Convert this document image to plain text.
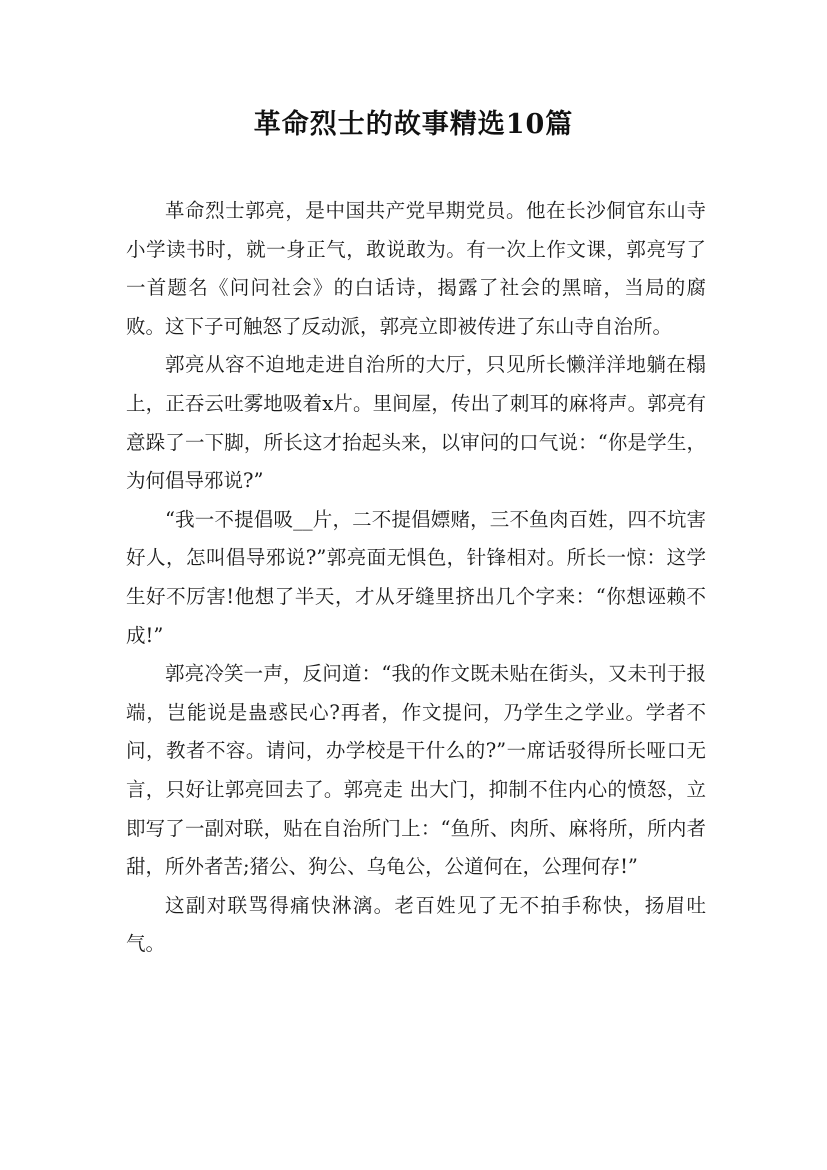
革命烈士的故事精选10篇

革命烈士郭亮，是中国共产党早期党员。他在长沙侗官东山寺小学读书时，就一身正气，敢说敢为。有一次上作文课，郭亮写了一首题名《问问社会》的白话诗，揭露了社会的黑暗，当局的腐败。这下子可触怒了反动派，郭亮立即被传进了东山寺自治所。

郭亮从容不迫地走进自治所的大厅，只见所长懒洋洋地躺在榻上，正吞云吐雾地吸着x片。里间屋，传出了刺耳的麻将声。郭亮有意跺了一下脚，所长这才抬起头来，以审问的口气说：“你是学生，为何倡导邪说?”

“我一不提倡吸__片，二不提倡嫖赌，三不鱼肉百姓，四不坑害好人，怎叫倡导邪说?”郭亮面无惧色，针锋相对。所长一惊：这学生好不厉害!他想了半天，才从牙缝里挤出几个字来：“你想诬赖不成!”

郭亮冷笑一声，反问道：“我的作文既未贴在街头，又未刊于报端，岂能说是蛊惑民心?再者，作文提问，乃学生之学业。学者不问，教者不容。请问，办学校是干什么的?”一席话驳得所长哑口无言，只好让郭亮回去了。郭亮走 出大门，抑制不住内心的愤怒，立即写了一副对联，贴在自治所门上：“鱼所、肉所、麻将所，所内者甜，所外者苦;猪公、狗公、乌龟公，公道何在，公理何存!”

这副对联骂得痛快淋漓。老百姓见了无不拍手称快，扬眉吐气。
